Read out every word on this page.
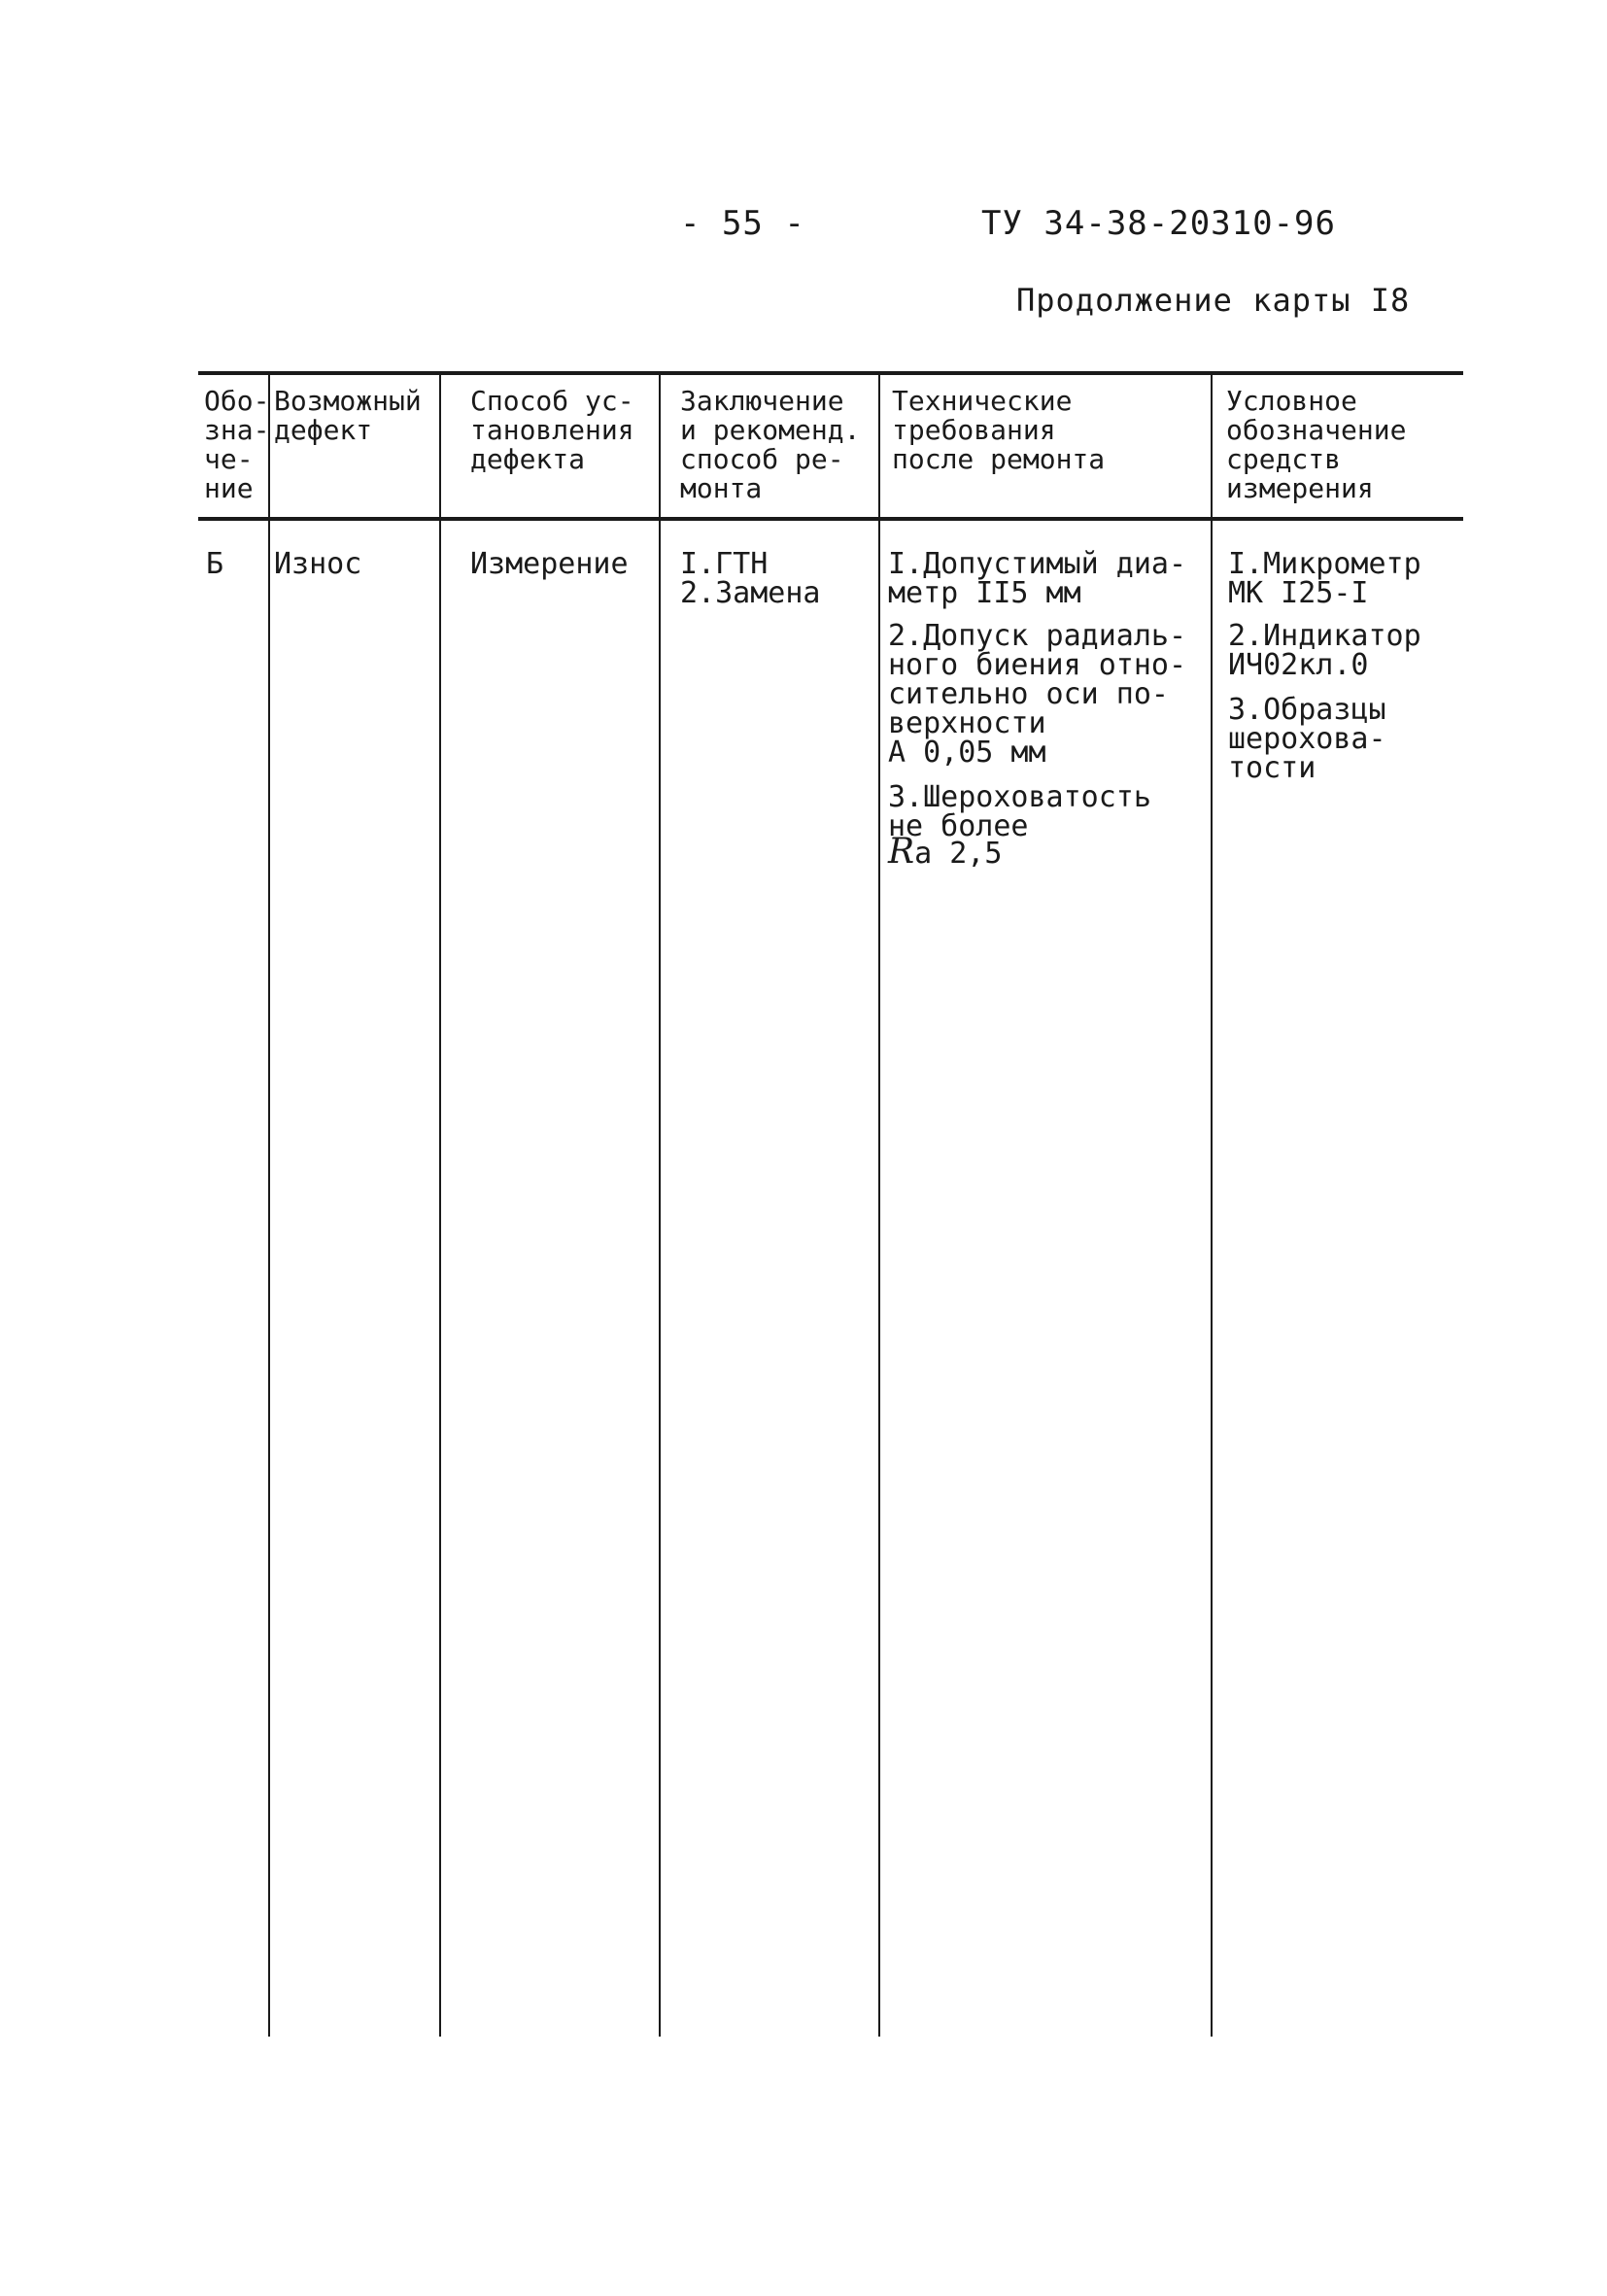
- 55 -	ТУ 34-38-20310-96
Продолжение карты I8
Обо-
зна-
че-
ние
Возможный
дефект
Способ ус-
тановления
дефекта
Заключение
и рекоменд.
способ ре-
монта
Технические
требования
после ремонта
Условное
обозначение
средств
измерения
Б Износ	Измерение I.ГТН
2.Замена
I.Допустимый диа-
метр II5 мм
2.Допуск радиаль-
ного биения отно-
сительно оси по-
верхности
А 0,05 мм
3.Шероховатость
не более
Rа 2,5
I.Микрометр
МК I25-I
2.Индикатор
ИЧ02кл.0
3.Образцы
шерохова-
тости
